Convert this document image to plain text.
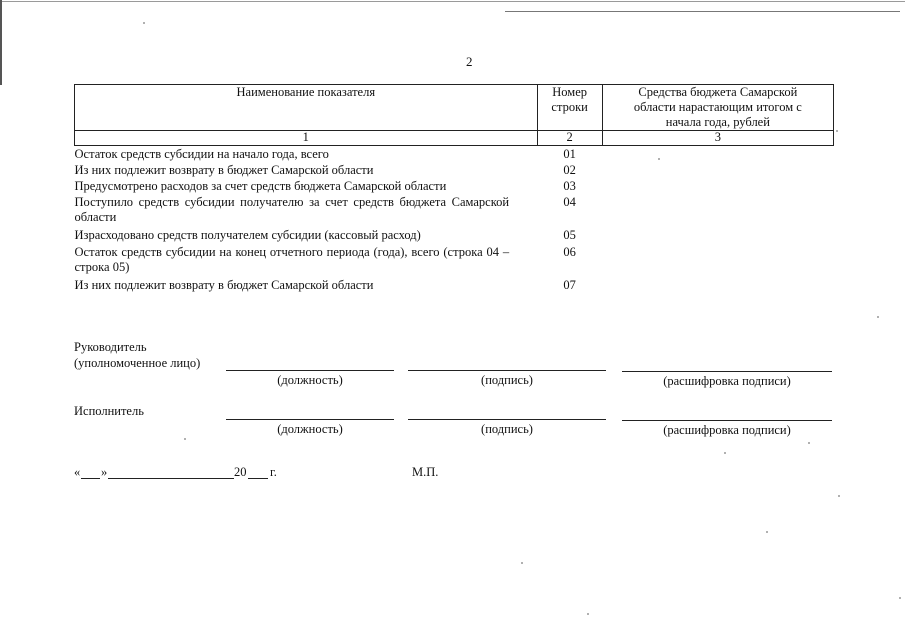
2
Наименование показателя	Номер строки	Средства бюджета Самарской области нарастающим итогом с начала года, рублей
1	2	3
Остаток средств субсидии на начало года, всего	01	
Из них подлежит возврату в бюджет Самарской области	02	
Предусмотрено расходов за счет средств бюджета Самарской области	03	
Поступило средств субсидии получателю за счет средств бюджета Самарской области	04	
Израсходовано средств получателем субсидии (кассовый расход)	05	
Остаток средств субсидии на конец отчетного периода (года), всего (строка 04 – строка 05)	06	
Из них подлежит возврату в бюджет Самарской области	07	
Руководитель
(уполномоченное лицо)
(должность)	(подпись)	(расшифровка подписи)
Исполнитель
(должность)	(подпись)	(расшифровка подписи)
« »	20 г.	М.П.
